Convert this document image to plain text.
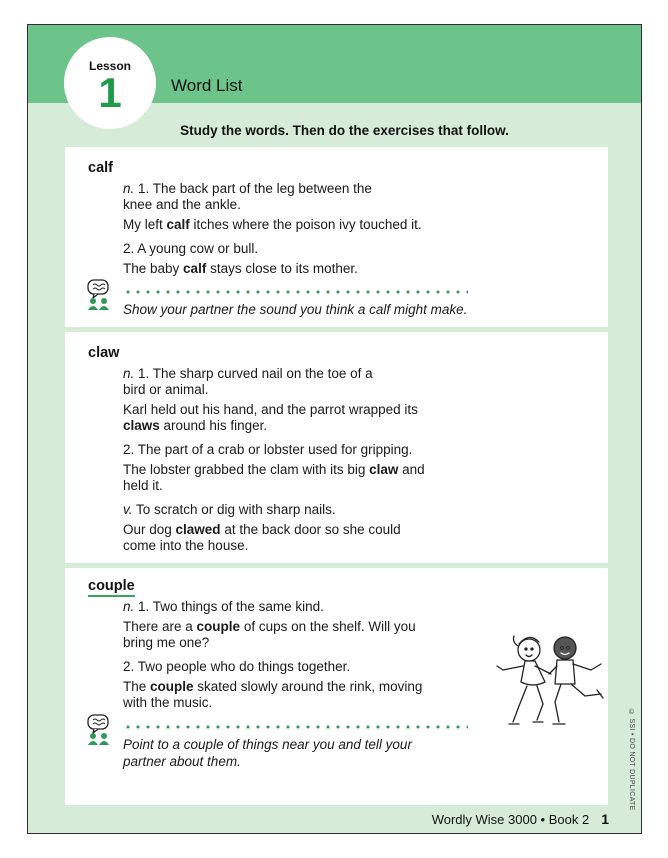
Lesson
1	Word List
Study the words. Then do the exercises that follow.
calf
n. 1. The back part of the leg between the
knee and the ankle.
My left calf itches where the poison ivy touched it.
2. A young cow or bull.
The baby calf stays close to its mother.
Show your partner the sound you think a calf might make.
claw
n. 1. The sharp curved nail on the toe of a
bird or animal.
Karl held out his hand, and the parrot wrapped its
claws around his finger.
2. The part of a crab or lobster used for gripping.
The lobster grabbed the clam with its big claw and
held it.
v. To scratch or dig with sharp nails.
Our dog clawed at the back door so she could
come into the house.
couple
n. 1. Two things of the same kind.
There are a couple of cups on the shelf. Will you
bring me one?
2. Two people who do things together.
The couple skated slowly around the rink, moving
with the music.
Point to a couple of things near you and tell your
partner about them.	© SSI • DO NOT DUPLICATE
Wordly Wise 3000 • Book 2 1
